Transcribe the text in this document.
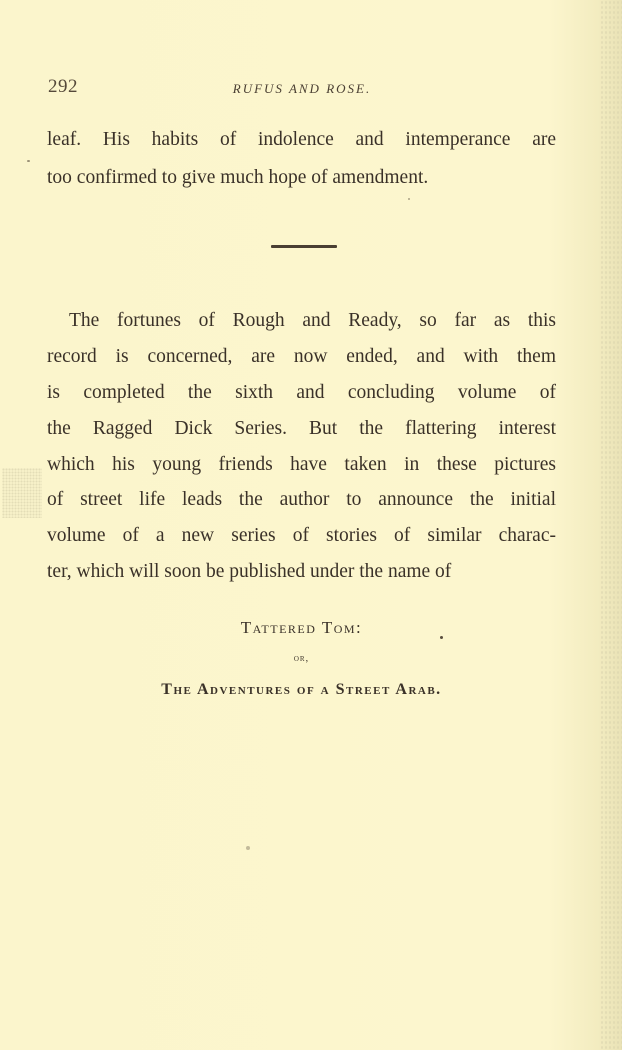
292	RUFUS AND ROSE.
leaf. His habits of indolence and intemperance are
too confirmed to give much hope of amendment.
The fortunes of Rough and Ready, so far as this
record is concerned, are now ended, and with them
is completed the sixth and concluding volume of
the Ragged Dick Series. But the flattering interest
which his young friends have taken in these pictures
of street life leads the author to announce the initial
volume of a new series of stories of similar charac-
ter, which will soon be published under the name of
Tattered Tom:
or,
The Adventures of a Street Arab.
